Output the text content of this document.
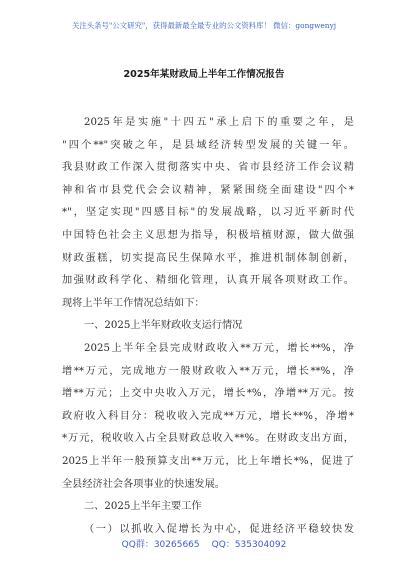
关注头条号"公文研究"，获得最新最全最专业的公文资料库！ 微信：gongwenyj
2025年某财政局上半年工作情况报告
2025年是实施"十四五"承上启下的重要之年，是
"四个**"突破之年，是县域经济转型发展的关键一年。
我县财政工作深入贯彻落实中央、省市县经济工作会议精
神和省市县党代会会议精神，紧紧围绕全面建设"四个*
*"，坚定实现"四感目标"的发展战略，以习近平新时代
中国特色社会主义思想为指导，积极培植财源，做大做强
财政蛋糕，切实提高民生保障水平，推进机制体制创新，
加强财政科学化、精细化管理，认真开展各项财政工作。
现将上半年工作情况总结如下：
一、2025上半年财政收支运行情况
2025上半年全县完成财政收入**万元，增长**%，净
增**万元，完成地方一般财政收入**万元，增长**%，净
增**万元；上交中央收入万元，增长*%，净增**万元。按
政府收入科目分：税收收入完成**万元，增长**%，净增*
*万元，税收收入占全县财政总收入**%。在财政支出方面，
2025上半年一般预算支出**万元，比上年增长*%，促进了
全县经济社会各项事业的快速发展。
二、2025上半年主要工作
（一）以抓收入促增长为中心，促进经济平稳较快发
QQ群：30265665 QQ：535304092
